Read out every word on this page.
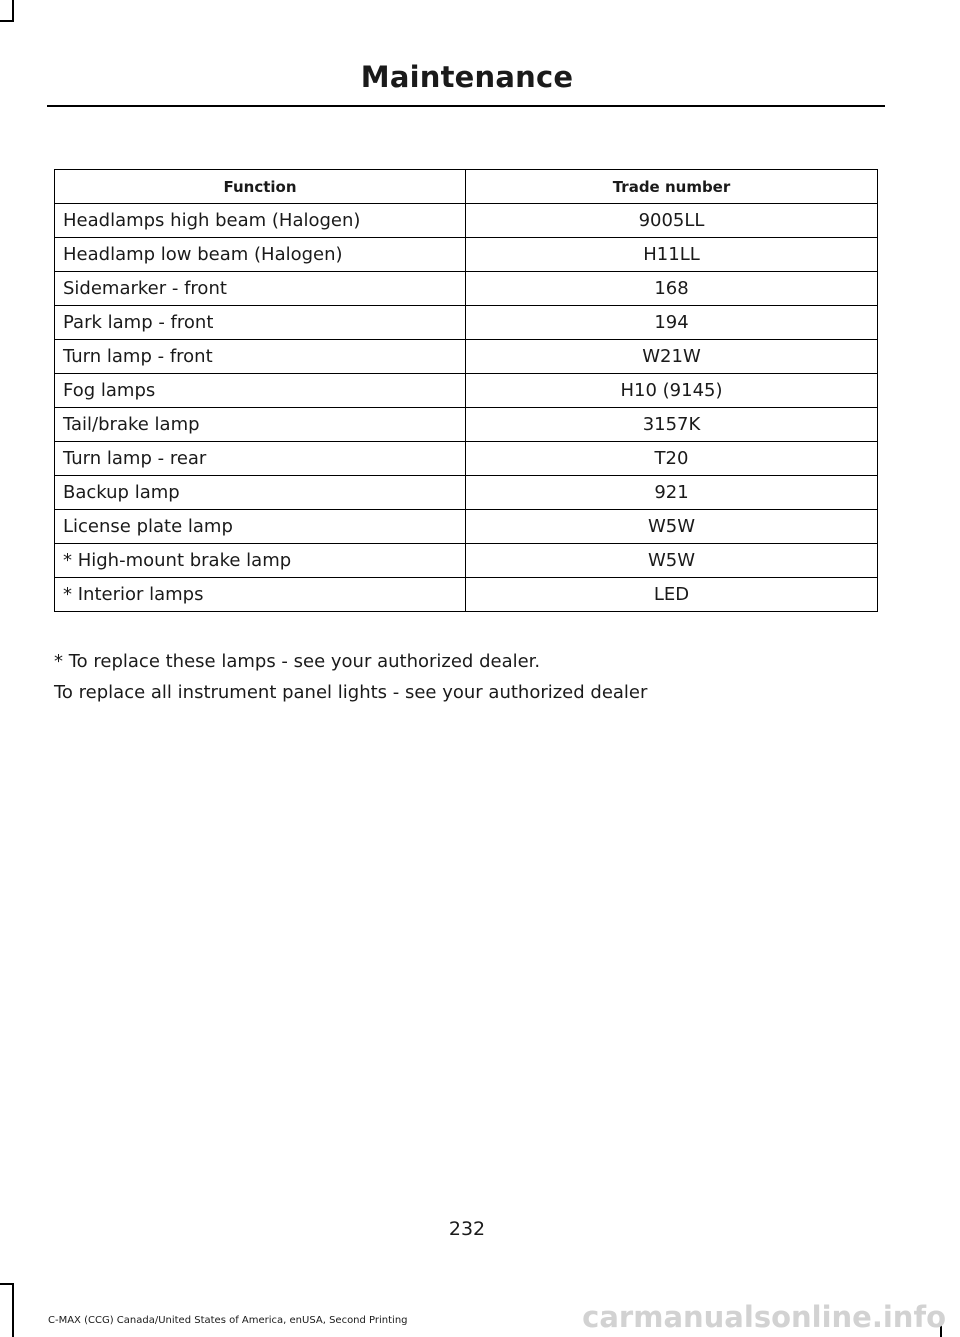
Maintenance
Function	Trade number
Headlamps high beam (Halogen)	9005LL
Headlamp low beam (Halogen)	H11LL
Sidemarker - front	168
Park lamp - front	194
Turn lamp - front	W21W
Fog lamps	H10 (9145)
Tail/brake lamp	3157K
Turn lamp - rear	T20
Backup lamp	921
License plate lamp	W5W
* High-mount brake lamp	W5W
* Interior lamps	LED
* To replace these lamps - see your authorized dealer.
To replace all instrument panel lights - see your authorized dealer
232
C-MAX (CCG) Canada/United States of America, enUSA, Second Printing	carmanualsonline.info
